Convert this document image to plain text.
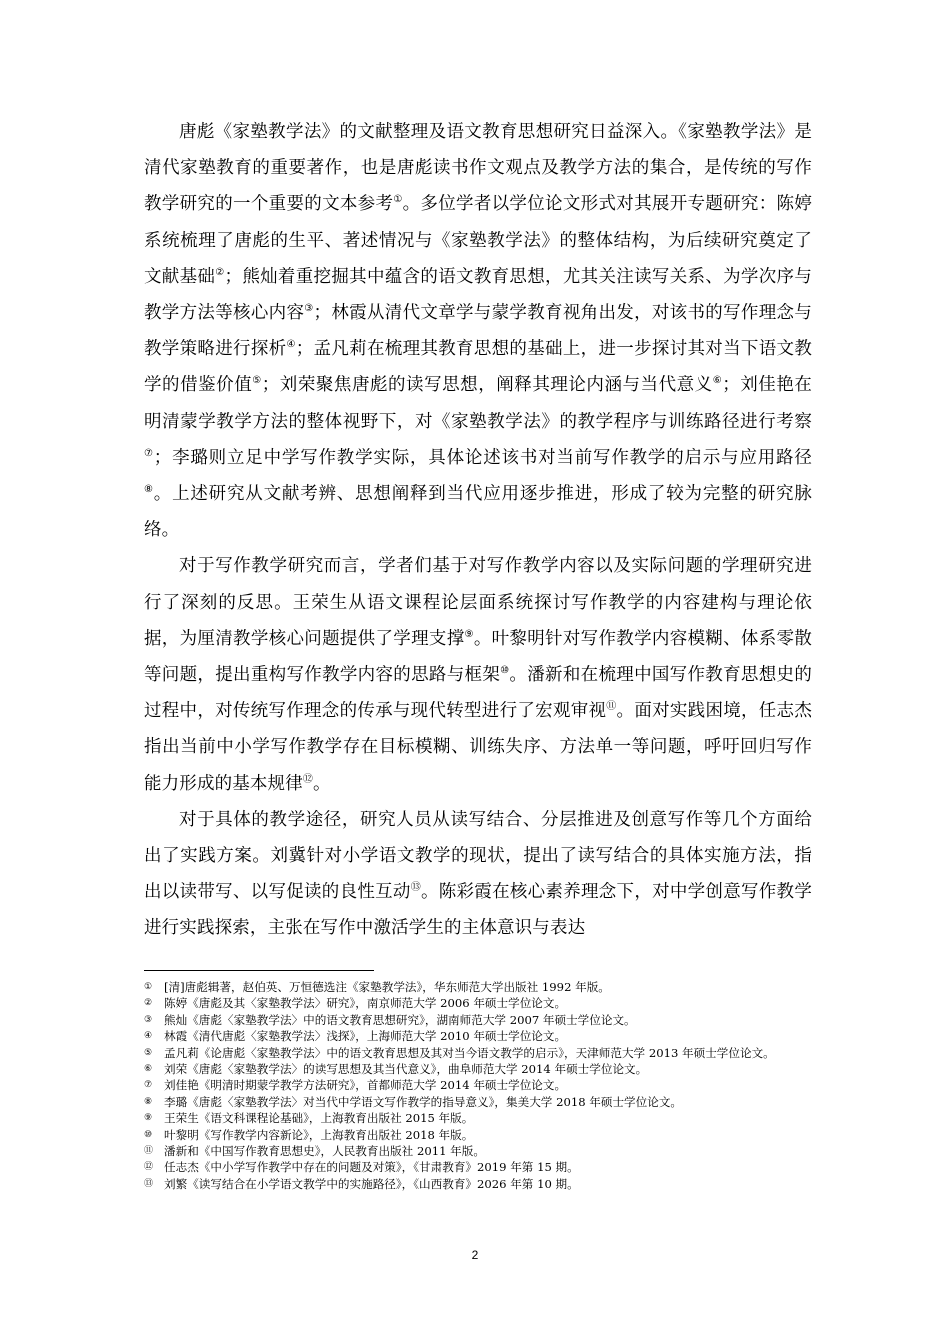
唐彪《家塾教学法》的文献整理及语文教育思想研究日益深入。《家塾教学法》是清代家塾教育的重要著作，也是唐彪读书作文观点及教学方法的集合，是传统的写作教学研究的一个重要的文本参考①。多位学者以学位论文形式对其展开专题研究：陈婷系统梳理了唐彪的生平、著述情况与《家塾教学法》的整体结构，为后续研究奠定了文献基础②；熊灿着重挖掘其中蕴含的语文教育思想，尤其关注读写关系、为学次序与教学方法等核心内容③；林霞从清代文章学与蒙学教育视角出发，对该书的写作理念与教学策略进行探析④；孟凡莉在梳理其教育思想的基础上，进一步探讨其对当下语文教学的借鉴价值⑤；刘荣聚焦唐彪的读写思想，阐释其理论内涵与当代意义⑥；刘佳艳在明清蒙学教学方法的整体视野下，对《家塾教学法》的教学程序与训练路径进行考察⑦；李璐则立足中学写作教学实际，具体论述该书对当前写作教学的启示与应用路径⑧。上述研究从文献考辨、思想阐释到当代应用逐步推进，形成了较为完整的研究脉络。

对于写作教学研究而言，学者们基于对写作教学内容以及实际问题的学理研究进行了深刻的反思。王荣生从语文课程论层面系统探讨写作教学的内容建构与理论依据，为厘清教学核心问题提供了学理支撑⑨。叶黎明针对写作教学内容模糊、体系零散等问题，提出重构写作教学内容的思路与框架⑩。潘新和在梳理中国写作教育思想史的过程中，对传统写作理念的传承与现代转型进行了宏观审视⑪。面对实践困境，任志杰指出当前中小学写作教学存在目标模糊、训练失序、方法单一等问题，呼吁回归写作能力形成的基本规律⑫。

对于具体的教学途径，研究人员从读写结合、分层推进及创意写作等几个方面给出了实践方案。刘冀针对小学语文教学的现状，提出了读写结合的具体实施方法，指出以读带写、以写促读的良性互动⑬。陈彩霞在核心素养理念下，对中学创意写作教学进行实践探索，主张在写作中激活学生的主体意识与表达

①	[清]唐彪辑著，赵伯英、万恒德选注《家塾教学法》，华东师范大学出版社 1992 年版。
②	陈婷《唐彪及其〈家塾教学法〉研究》，南京师范大学 2006 年硕士学位论文。
③	熊灿《唐彪〈家塾教学法〉中的语文教育思想研究》，湖南师范大学 2007 年硕士学位论文。
④	林霞《清代唐彪〈家塾教学法〉浅探》，上海师范大学 2010 年硕士学位论文。
⑤	孟凡莉《论唐彪〈家塾教学法〉中的语文教育思想及其对当今语文教学的启示》，天津师范大学 2013 年硕士学位论文。
⑥	刘荣《唐彪〈家塾教学法〉的读写思想及其当代意义》，曲阜师范大学 2014 年硕士学位论文。
⑦	刘佳艳《明清时期蒙学教学方法研究》，首都师范大学 2014 年硕士学位论文。
⑧	李璐《唐彪〈家塾教学法〉对当代中学语文写作教学的指导意义》，集美大学 2018 年硕士学位论文。
⑨	王荣生《语文科课程论基础》，上海教育出版社 2015 年版。
⑩	叶黎明《写作教学内容新论》，上海教育出版社 2018 年版。
⑪ 潘新和《中国写作教育思想史》，人民教育出版社 2011 年版。
⑫ 任志杰《中小学写作教学中存在的问题及对策》，《甘肃教育》2019 年第 15 期。
⑬ 刘繁《读写结合在小学语文教学中的实施路径》，《山西教育》2026 年第 10 期。
2
